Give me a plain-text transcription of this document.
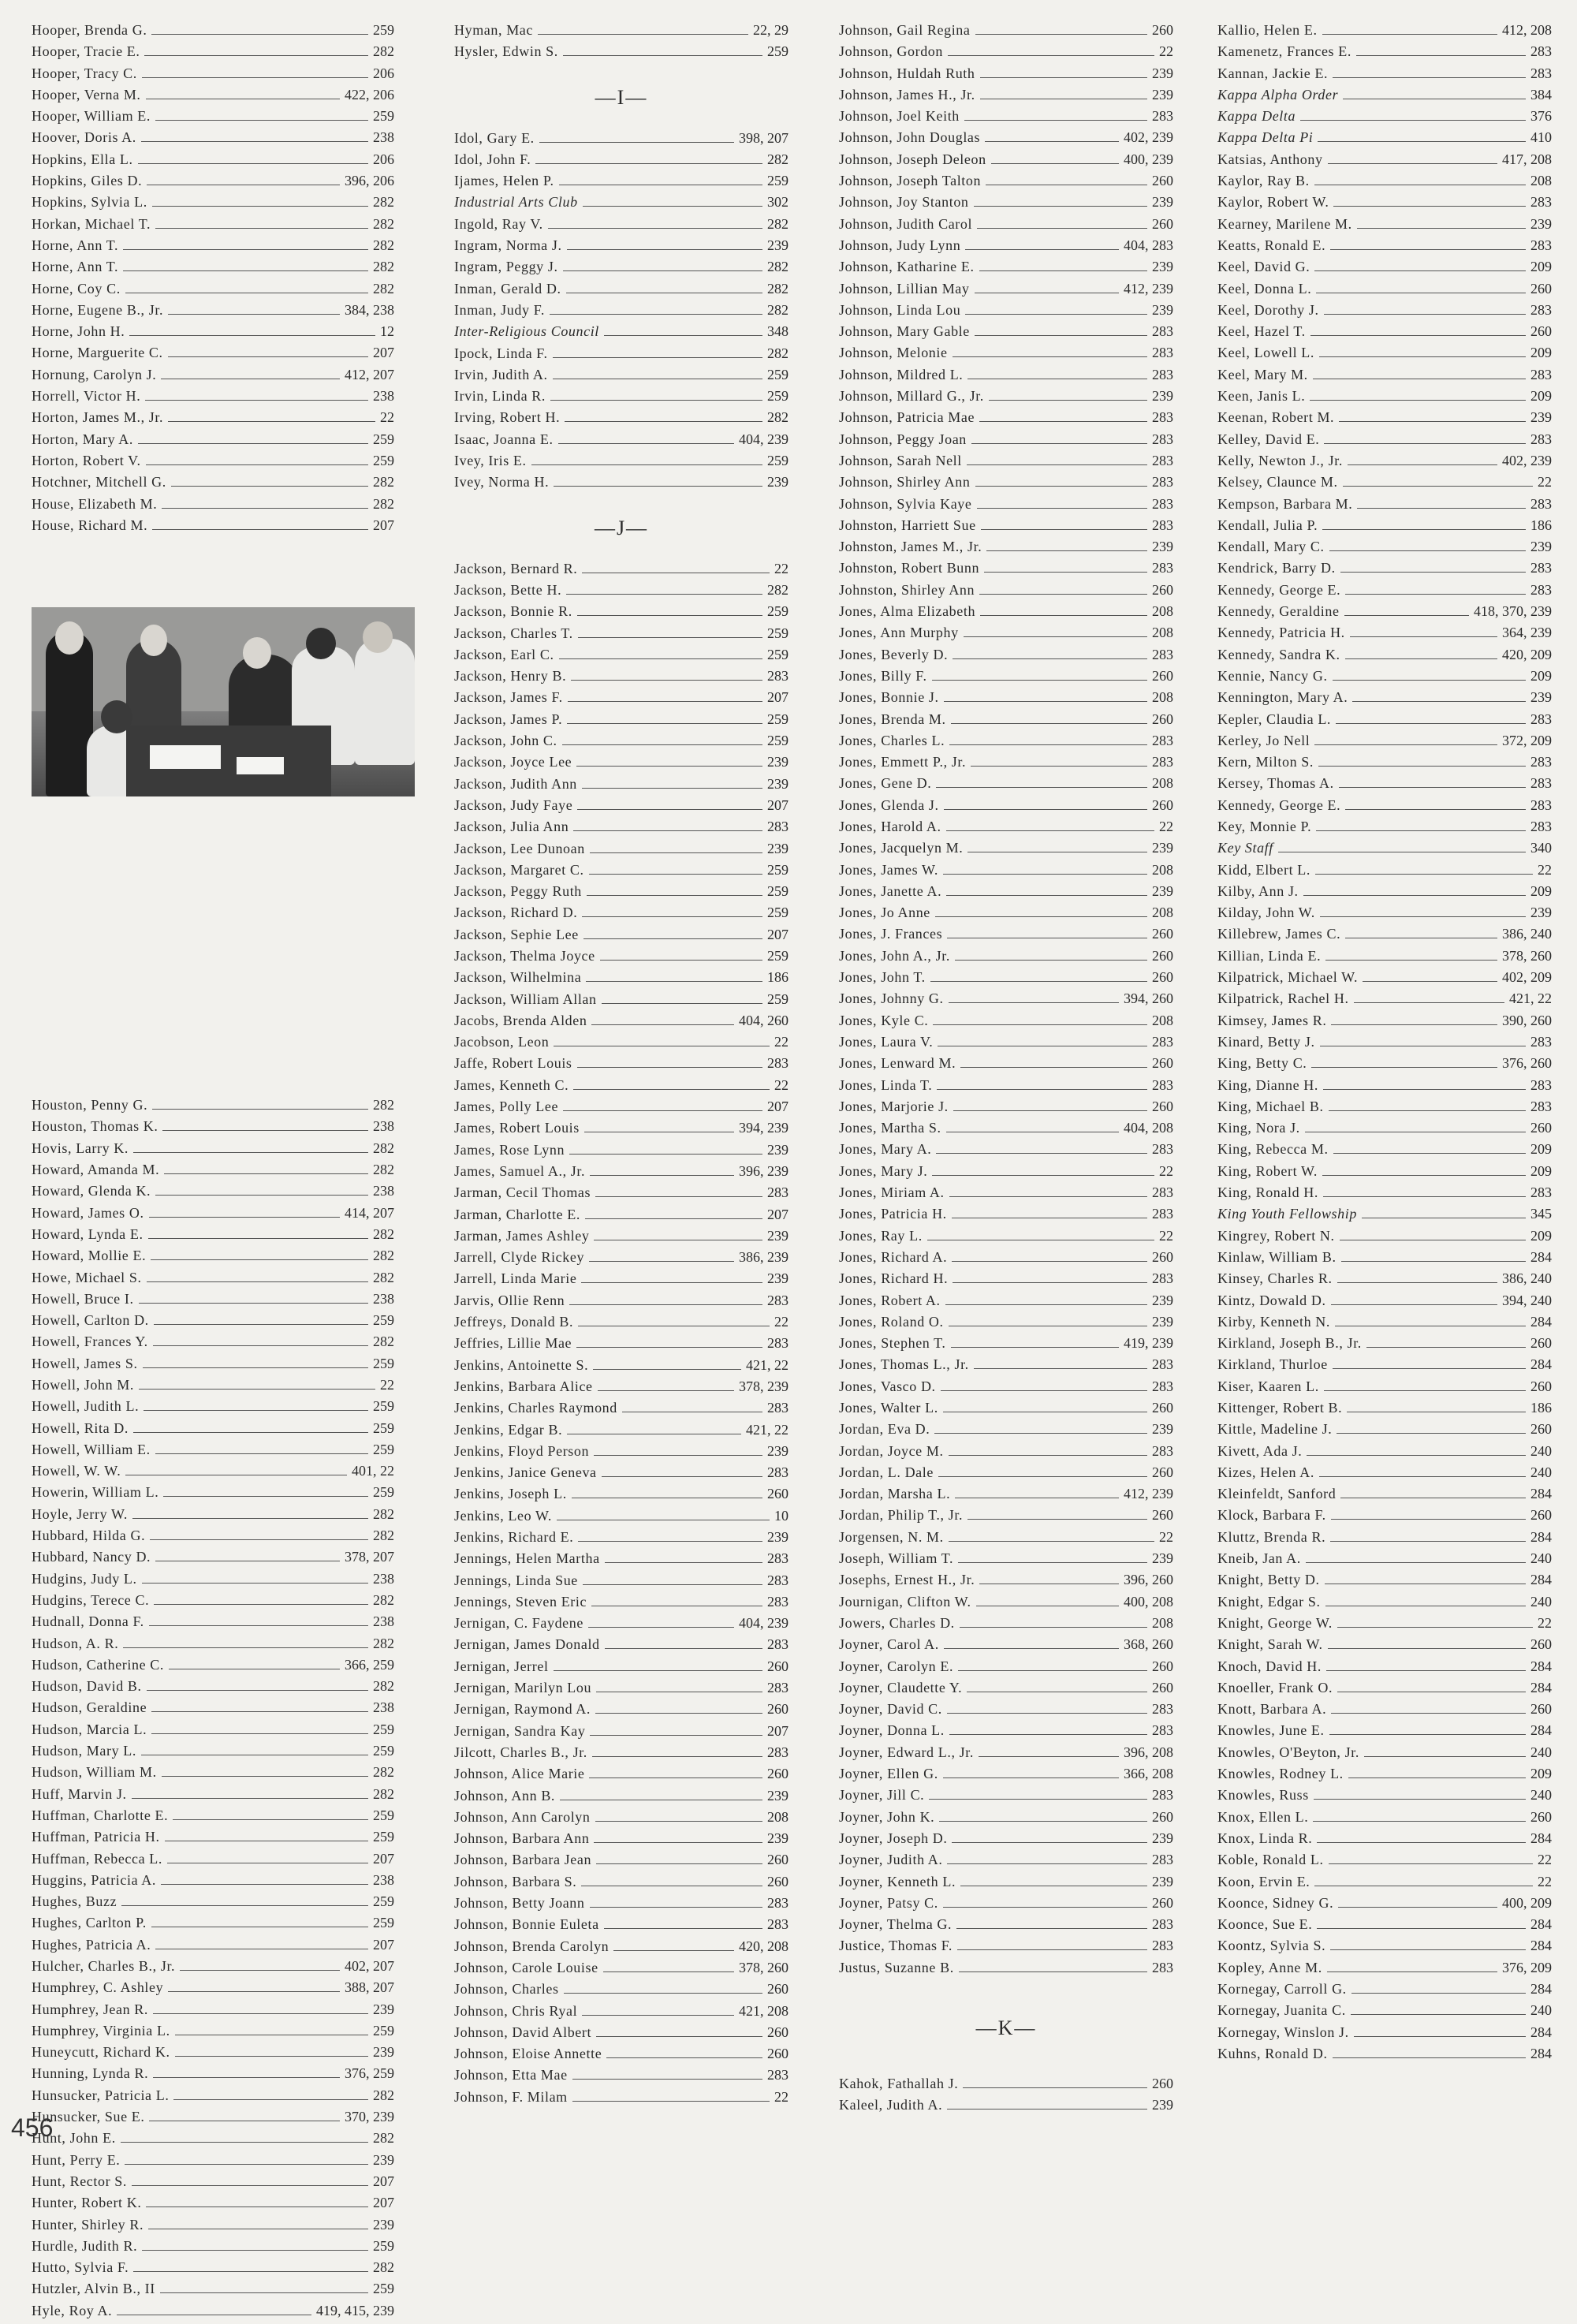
Hooper, Brenda G.	259
Hooper, Tracie E.	282
Hooper, Tracy C.	206
Hooper, Verna M.	422, 206
Hooper, William E.	259
Hoover, Doris A.	238
Hopkins, Ella L.	206
Hopkins, Giles D.	396, 206
Hopkins, Sylvia L.	282
Horkan, Michael T.	282
Horne, Ann T.	282
Horne, Ann T.	282
Horne, Coy C.	282
Horne, Eugene B., Jr.	384, 238
Horne, John H.	12
Horne, Marguerite C.	207
Hornung, Carolyn J.	412, 207
Horrell, Victor H.	238
Horton, James M., Jr.	22
Horton, Mary A.	259
Horton, Robert V.	259
Hotchner, Mitchell G.	282
House, Elizabeth M.	282
House, Richard M.	207
Houston, Penny G.	282
Houston, Thomas K.	238
Hovis, Larry K.	282
Howard, Amanda M.	282
Howard, Glenda K.	238
Howard, James O.	414, 207
Howard, Lynda E.	282
Howard, Mollie E.	282
Howe, Michael S.	282
Howell, Bruce I.	238
Howell, Carlton D.	259
Howell, Frances Y.	282
Howell, James S.	259
Howell, John M.	22
Howell, Judith L.	259
Howell, Rita D.	259
Howell, William E.	259
Howell, W. W.	401, 22
Howerin, William L.	259
Hoyle, Jerry W.	282
Hubbard, Hilda G.	282
Hubbard, Nancy D.	378, 207
Hudgins, Judy L.	238
Hudgins, Terece C.	282
Hudnall, Donna F.	238
Hudson, A. R.	282
Hudson, Catherine C.	366, 259
Hudson, David B.	282
Hudson, Geraldine	238
Hudson, Marcia L.	259
Hudson, Mary L.	259
Hudson, William M.	282
Huff, Marvin J.	282
Huffman, Charlotte E.	259
Huffman, Patricia H.	259
Huffman, Rebecca L.	207
Huggins, Patricia A.	238
Hughes, Buzz	259
Hughes, Carlton P.	259
Hughes, Patricia A.	207
Hulcher, Charles B., Jr.	402, 207
Humphrey, C. Ashley	388, 207
Humphrey, Jean R.	239
Humphrey, Virginia L.	259
Huneycutt, Richard K.	239
Hunning, Lynda R.	376, 259
Hunsucker, Patricia L.	282
Hunsucker, Sue E.	370, 239
Hunt, John E.	282
Hunt, Perry E.	239
Hunt, Rector S.	207
Hunter, Robert K.	207
Hunter, Shirley R.	239
Hurdle, Judith R.	259
Hutto, Sylvia F.	282
Hutzler, Alvin B., II	259
Hyle, Roy A.	419, 415, 239
Hyman, Mac	22, 29
Hysler, Edwin S.	259
—I—
Idol, Gary E.	398, 207
Idol, John F.	282
Ijames, Helen P.	259
Industrial Arts Club	302
Ingold, Ray V.	282
Ingram, Norma J.	239
Ingram, Peggy J.	282
Inman, Gerald D.	282
Inman, Judy F.	282
Inter-Religious Council	348
Ipock, Linda F.	282
Irvin, Judith A.	259
Irvin, Linda R.	259
Irving, Robert H.	282
Isaac, Joanna E.	404, 239
Ivey, Iris E.	259
Ivey, Norma H.	239
—J—
Jackson, Bernard R.	22
Jackson, Bette H.	282
Jackson, Bonnie R.	259
Jackson, Charles T.	259
Jackson, Earl C.	259
Jackson, Henry B.	283
Jackson, James F.	207
Jackson, James P.	259
Jackson, John C.	259
Jackson, Joyce Lee	239
Jackson, Judith Ann	239
Jackson, Judy Faye	207
Jackson, Julia Ann	283
Jackson, Lee Dunoan	239
Jackson, Margaret C.	259
Jackson, Peggy Ruth	259
Jackson, Richard D.	259
Jackson, Sephie Lee	207
Jackson, Thelma Joyce	259
Jackson, Wilhelmina	186
Jackson, William Allan	259
Jacobs, Brenda Alden	404, 260
Jacobson, Leon	22
Jaffe, Robert Louis	283
James, Kenneth C.	22
James, Polly Lee	207
James, Robert Louis	394, 239
James, Rose Lynn	239
James, Samuel A., Jr.	396, 239
Jarman, Cecil Thomas	283
Jarman, Charlotte E.	207
Jarman, James Ashley	239
Jarrell, Clyde Rickey	386, 239
Jarrell, Linda Marie	239
Jarvis, Ollie Renn	283
Jeffreys, Donald B.	22
Jeffries, Lillie Mae	283
Jenkins, Antoinette S.	421, 22
Jenkins, Barbara Alice	378, 239
Jenkins, Charles Raymond	283
Jenkins, Edgar B.	421, 22
Jenkins, Floyd Person	239
Jenkins, Janice Geneva	283
Jenkins, Joseph L.	260
Jenkins, Leo W.	10
Jenkins, Richard E.	239
Jennings, Helen Martha	283
Jennings, Linda Sue	283
Jennings, Steven Eric	283
Jernigan, C. Faydene	404, 239
Jernigan, James Donald	283
Jernigan, Jerrel	260
Jernigan, Marilyn Lou	283
Jernigan, Raymond A.	260
Jernigan, Sandra Kay	207
Jilcott, Charles B., Jr.	283
Johnson, Alice Marie	260
Johnson, Ann B.	239
Johnson, Ann Carolyn	208
Johnson, Barbara Ann	239
Johnson, Barbara Jean	260
Johnson, Barbara S.	260
Johnson, Betty Joann	283
Johnson, Bonnie Euleta	283
Johnson, Brenda Carolyn	420, 208
Johnson, Carole Louise	378, 260
Johnson, Charles	260
Johnson, Chris Ryal	421, 208
Johnson, David Albert	260
Johnson, Eloise Annette	260
Johnson, Etta Mae	283
Johnson, F. Milam	22
Johnson, Gail Regina	260
Johnson, Gordon	22
Johnson, Huldah Ruth	239
Johnson, James H., Jr.	239
Johnson, Joel Keith	283
Johnson, John Douglas	402, 239
Johnson, Joseph Deleon	400, 239
Johnson, Joseph Talton	260
Johnson, Joy Stanton	239
Johnson, Judith Carol	260
Johnson, Judy Lynn	404, 283
Johnson, Katharine E.	239
Johnson, Lillian May	412, 239
Johnson, Linda Lou	239
Johnson, Mary Gable	283
Johnson, Melonie	283
Johnson, Mildred L.	283
Johnson, Millard G., Jr.	239
Johnson, Patricia Mae	283
Johnson, Peggy Joan	283
Johnson, Sarah Nell	283
Johnson, Shirley Ann	283
Johnson, Sylvia Kaye	283
Johnston, Harriett Sue	283
Johnston, James M., Jr.	239
Johnston, Robert Bunn	283
Johnston, Shirley Ann	260
Jones, Alma Elizabeth	208
Jones, Ann Murphy	208
Jones, Beverly D.	283
Jones, Billy F.	260
Jones, Bonnie J.	208
Jones, Brenda M.	260
Jones, Charles L.	283
Jones, Emmett P., Jr.	283
Jones, Gene D.	208
Jones, Glenda J.	260
Jones, Harold A.	22
Jones, Jacquelyn M.	239
Jones, James W.	208
Jones, Janette A.	239
Jones, Jo Anne	208
Jones, J. Frances	260
Jones, John A., Jr.	260
Jones, John T.	260
Jones, Johnny G.	394, 260
Jones, Kyle C.	208
Jones, Laura V.	283
Jones, Lenward M.	260
Jones, Linda T.	283
Jones, Marjorie J.	260
Jones, Martha S.	404, 208
Jones, Mary A.	283
Jones, Mary J.	22
Jones, Miriam A.	283
Jones, Patricia H.	283
Jones, Ray L.	22
Jones, Richard A.	260
Jones, Richard H.	283
Jones, Robert A.	239
Jones, Roland O.	239
Jones, Stephen T.	419, 239
Jones, Thomas L., Jr.	283
Jones, Vasco D.	283
Jones, Walter L.	260
Jordan, Eva D.	239
Jordan, Joyce M.	283
Jordan, L. Dale	260
Jordan, Marsha L.	412, 239
Jordan, Philip T., Jr.	260
Jorgensen, N. M.	22
Joseph, William T.	239
Josephs, Ernest H., Jr.	396, 260
Journigan, Clifton W.	400, 208
Jowers, Charles D.	208
Joyner, Carol A.	368, 260
Joyner, Carolyn E.	260
Joyner, Claudette Y.	260
Joyner, David C.	283
Joyner, Donna L.	283
Joyner, Edward L., Jr.	396, 208
Joyner, Ellen G.	366, 208
Joyner, Jill C.	283
Joyner, John K.	260
Joyner, Joseph D.	239
Joyner, Judith A.	283
Joyner, Kenneth L.	239
Joyner, Patsy C.	260
Joyner, Thelma G.	283
Justice, Thomas F.	283
Justus, Suzanne B.	283
—K—
Kahok, Fathallah J.	260
Kaleel, Judith A.	239
Kallio, Helen E.	412, 208
Kamenetz, Frances E.	283
Kannan, Jackie E.	283
Kappa Alpha Order	384
Kappa Delta	376
Kappa Delta Pi	410
Katsias, Anthony	417, 208
Kaylor, Ray B.	208
Kaylor, Robert W.	283
Kearney, Marilene M.	239
Keatts, Ronald E.	283
Keel, David G.	209
Keel, Donna L.	260
Keel, Dorothy J.	283
Keel, Hazel T.	260
Keel, Lowell L.	209
Keel, Mary M.	283
Keen, Janis L.	209
Keenan, Robert M.	239
Kelley, David E.	283
Kelly, Newton J., Jr.	402, 239
Kelsey, Claunce M.	22
Kempson, Barbara M.	283
Kendall, Julia P.	186
Kendall, Mary C.	239
Kendrick, Barry D.	283
Kennedy, George E.	283
Kennedy, Geraldine	418, 370, 239
Kennedy, Patricia H.	364, 239
Kennedy, Sandra K.	420, 209
Kennie, Nancy G.	209
Kennington, Mary A.	239
Kepler, Claudia L.	283
Kerley, Jo Nell	372, 209
Kern, Milton S.	283
Kersey, Thomas A.	283
Kennedy, George E.	283
Key, Monnie P.	283
Key Staff	340
Kidd, Elbert L.	22
Kilby, Ann J.	209
Kilday, John W.	239
Killebrew, James C.	386, 240
Killian, Linda E.	378, 260
Kilpatrick, Michael W.	402, 209
Kilpatrick, Rachel H.	421, 22
Kimsey, James R.	390, 260
Kinard, Betty J.	283
King, Betty C.	376, 260
King, Dianne H.	283
King, Michael B.	283
King, Nora J.	260
King, Rebecca M.	209
King, Robert W.	209
King, Ronald H.	283
King Youth Fellowship	345
Kingrey, Robert N.	209
Kinlaw, William B.	284
Kinsey, Charles R.	386, 240
Kintz, Dowald D.	394, 240
Kirby, Kenneth N.	284
Kirkland, Joseph B., Jr.	260
Kirkland, Thurloe	284
Kiser, Kaaren L.	260
Kittenger, Robert B.	186
Kittle, Madeline J.	260
Kivett, Ada J.	240
Kizes, Helen A.	240
Kleinfeldt, Sanford	284
Klock, Barbara F.	260
Kluttz, Brenda R.	284
Kneib, Jan A.	240
Knight, Betty D.	284
Knight, Edgar S.	240
Knight, George W.	22
Knight, Sarah W.	260
Knoch, David H.	284
Knoeller, Frank O.	284
Knott, Barbara A.	260
Knowles, June E.	284
Knowles, O'Beyton, Jr.	240
Knowles, Rodney L.	209
Knowles, Russ	240
Knox, Ellen L.	260
Knox, Linda R.	284
Koble, Ronald L.	22
Koon, Ervin E.	22
Koonce, Sidney G.	400, 209
Koonce, Sue E.	284
Koontz, Sylvia S.	284
Kopley, Anne M.	376, 209
Kornegay, Carroll G.	284
Kornegay, Juanita C.	240
Kornegay, Winslon J.	284
Kuhns, Ronald D.	284
456
